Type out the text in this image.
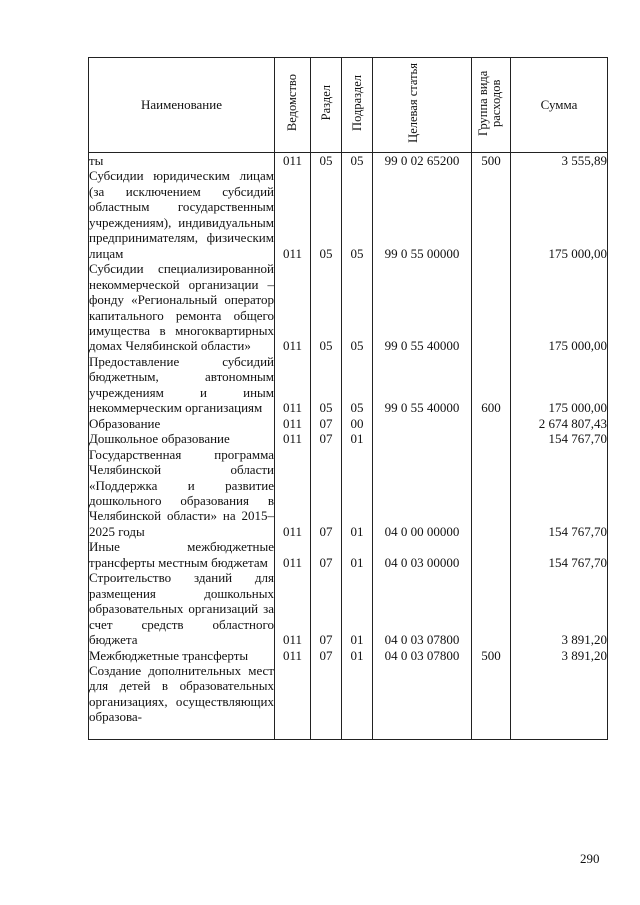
Наименование	Ведомство	Раздел	Подраздел	Целевая статья	Группа вида расходов	Сумма
ты	011	05	05	99 0 02 65200	500	3 555,89
Субсидии юридическим лицам (за исключением субсидий областным государственным учреждениям), индивидуальным предпринимателям, физическим лицам	011	05	05	99 0 55 00000		175 000,00
Субсидии специализированной некоммерческой организации – фонду «Региональный оператор капитального ремонта общего имущества в многоквартирных домах Челябинской области»	011	05	05	99 0 55 40000		175 000,00
Предоставление субсидий бюджетным, автономным учреждениям и иным некоммерческим организациям	011	05	05	99 0 55 40000	600	175 000,00
Образование	011	07	00			2 674 807,43
Дошкольное образование	011	07	01			154 767,70
Государственная программа Челябинской области «Поддержка и развитие дошкольного образования в Челябинской области» на 2015–2025 годы	011	07	01	04 0 00 00000		154 767,70
Иные межбюджетные трансферты местным бюджетам	011	07	01	04 0 03 00000		154 767,70
Строительство зданий для размещения дошкольных образовательных организаций за счет средств областного бюджета	011	07	01	04 0 03 07800		3 891,20
Межбюджетные трансферты	011	07	01	04 0 03 07800	500	3 891,20
Создание дополнительных мест для детей в образовательных организациях, осуществляющих образова-						
290
